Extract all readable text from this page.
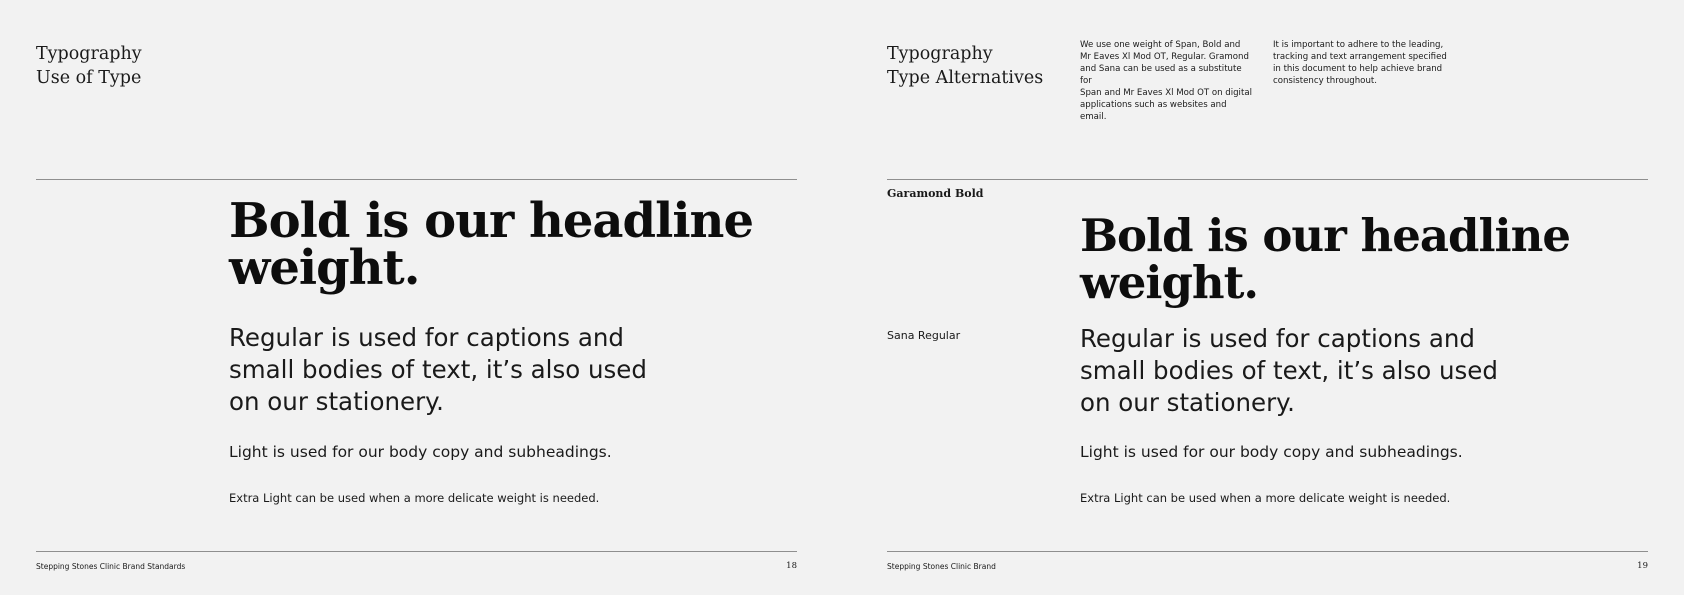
Typography
Use of Type
Bold is our headline
weight.
Regular is used for captions and
small bodies of text, it’s also used
on our stationery.
Light is used for our body copy and subheadings.
Extra Light can be used when a more delicate weight is needed.
Stepping Stones Clinic Brand Standards	18
Typography
Type Alternatives
We use one weight of Span, Bold and
Mr Eaves Xl Mod OT, Regular. Gramond
and Sana can be used as a substitute for
Span and Mr Eaves Xl Mod OT on digital
applications such as websites and email.
It is important to adhere to the leading,
tracking and text arrangement specified
in this document to help achieve brand
consistency throughout.
Garamond Bold
Bold is our headline
weight.
Sana Regular	Regular is used for captions and
small bodies of text, it’s also used
on our stationery.
Light is used for our body copy and subheadings.
Extra Light can be used when a more delicate weight is needed.
Stepping Stones Clinic Brand	19
